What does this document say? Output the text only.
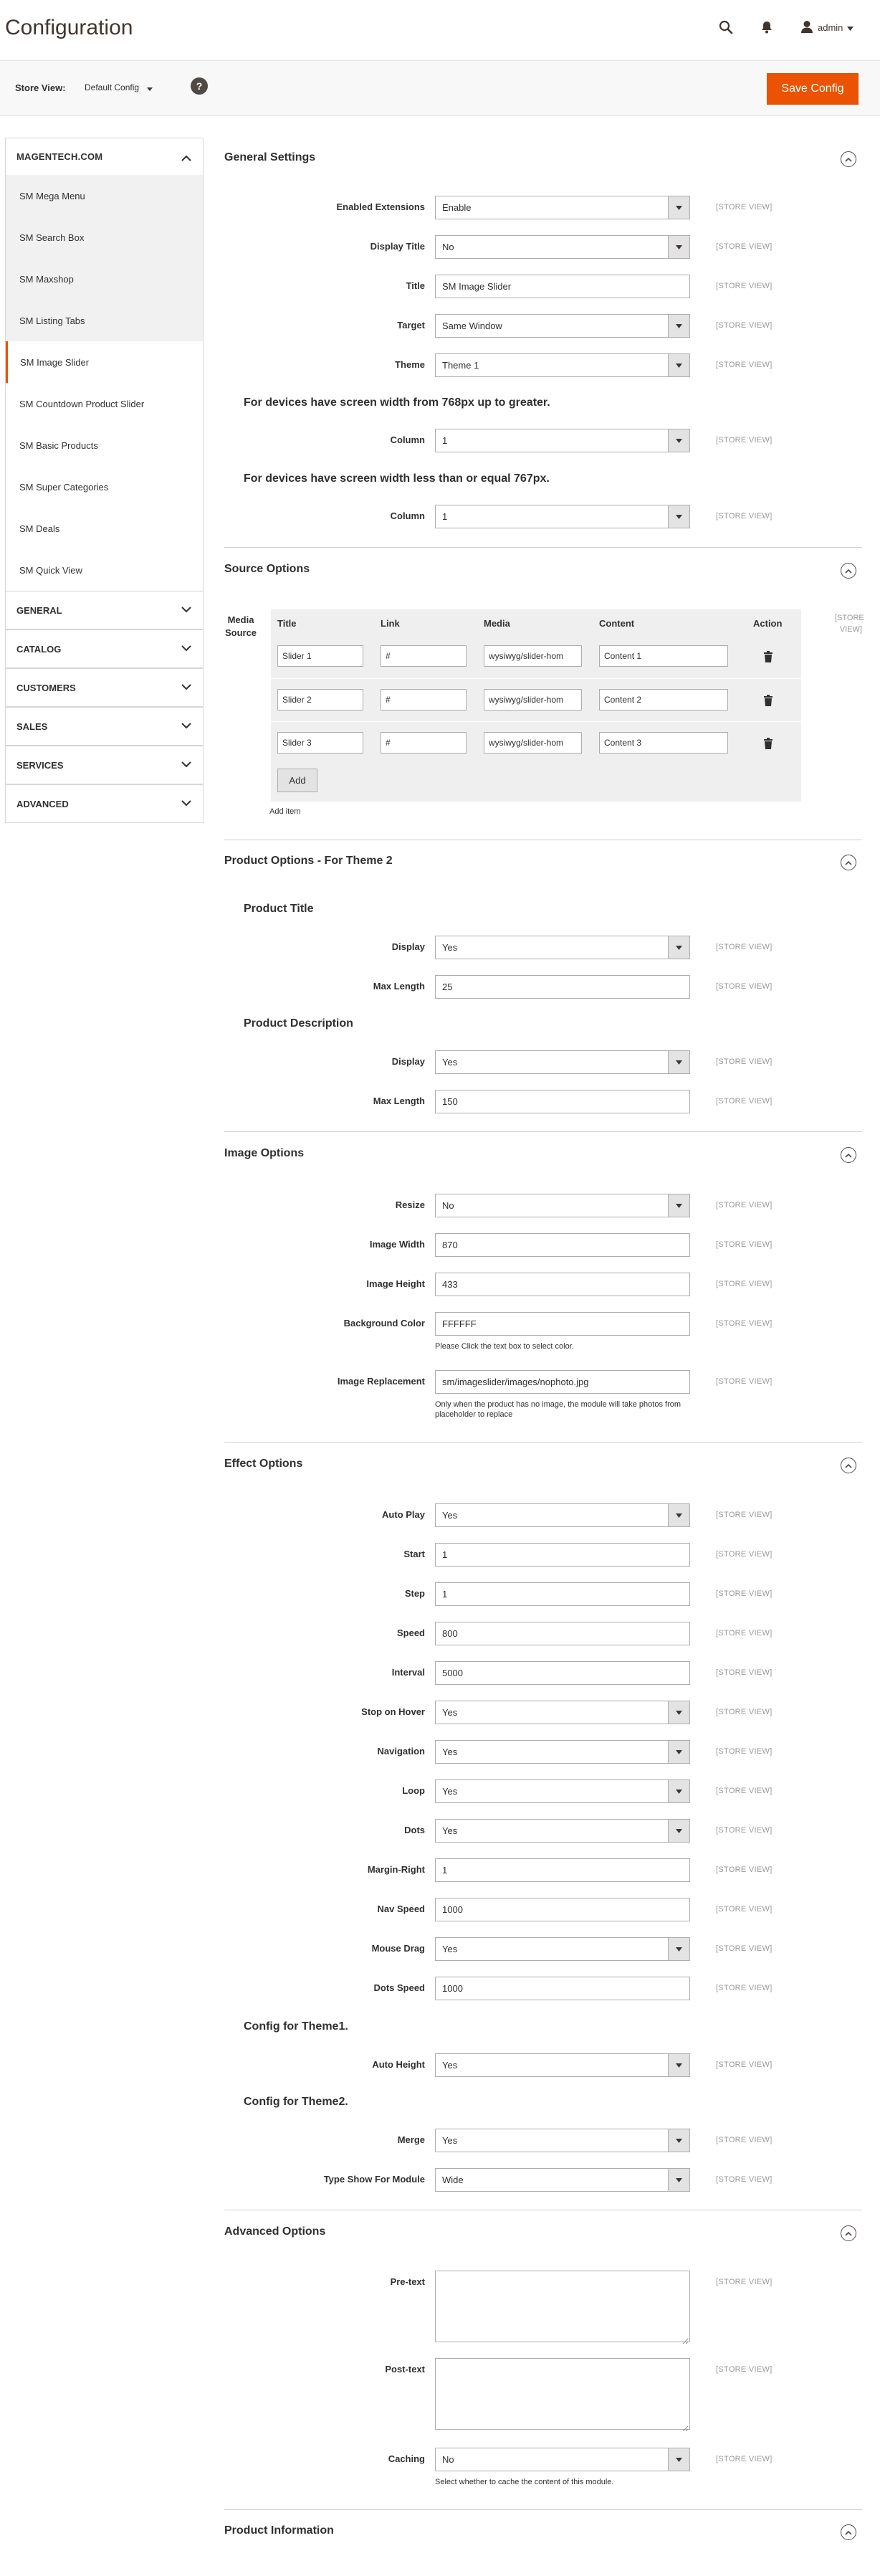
Configuration	admin
Store View: Default Config	?	Save Config
MAGENTECH.COM
SM Mega Menu
SM Search Box
SM Maxshop
SM Listing Tabs
SM Image Slider
SM Countdown Product Slider
SM Basic Products
SM Super Categories
SM Deals
SM Quick View
GENERAL
CATALOG
CUSTOMERS
SALES
SERVICES
ADVANCED
General Settings
Enabled Extensions Enable	[STORE VIEW]
Display Title No	[STORE VIEW]
Title	SM Image Slider	[STORE VIEW]
Target Same Window	[STORE VIEW]
Theme Theme 1	[STORE VIEW]
For devices have screen width from 768px up to greater.
Column 1	[STORE VIEW]
For devices have screen width less than or equal 767px.
Column 1	[STORE VIEW]
Source Options
Media Source
Title	Link	Media	Content	Action
Slider 1	#	wysiwyg/slider-hom	Content 1
Slider 2	#	wysiwyg/slider-hom	Content 2
Slider 3	#	wysiwyg/slider-hom	Content 3
Add
[STORE
VIEW]
Add item
Product Options - For Theme 2
Product Title
Display Yes	[STORE VIEW]
Max Length	25	[STORE VIEW]
Product Description
Display Yes	[STORE VIEW]
Max Length	150	[STORE VIEW]
Image Options
Resize No	[STORE VIEW]
Image Width	870	[STORE VIEW]
Image Height	433	[STORE VIEW]
Background Color	FFFFFF	[STORE VIEW]
Please Click the text box to select color.
Image Replacement	sm/imageslider/images/nophoto.jpg	[STORE VIEW]
Only when the product has no image, the module will take photos from placeholder to replace
Effect Options
Auto Play Yes	[STORE VIEW]
Start	1	[STORE VIEW]
Step	1	[STORE VIEW]
Speed	800	[STORE VIEW]
Interval	5000	[STORE VIEW]
Stop on Hover Yes	[STORE VIEW]
Navigation Yes	[STORE VIEW]
Loop Yes	[STORE VIEW]
Dots Yes	[STORE VIEW]
Margin-Right	1	[STORE VIEW]
Nav Speed	1000	[STORE VIEW]
Mouse Drag Yes	[STORE VIEW]
Dots Speed	1000	[STORE VIEW]
Config for Theme1.
Auto Height Yes	[STORE VIEW]
Config for Theme2.
Merge Yes	[STORE VIEW]
Type Show For Module Wide	[STORE VIEW]
Advanced Options
Pre-text	[STORE VIEW]
Post-text	[STORE VIEW]
Caching No	[STORE VIEW]
Select whether to cache the content of this module.
Product Information
